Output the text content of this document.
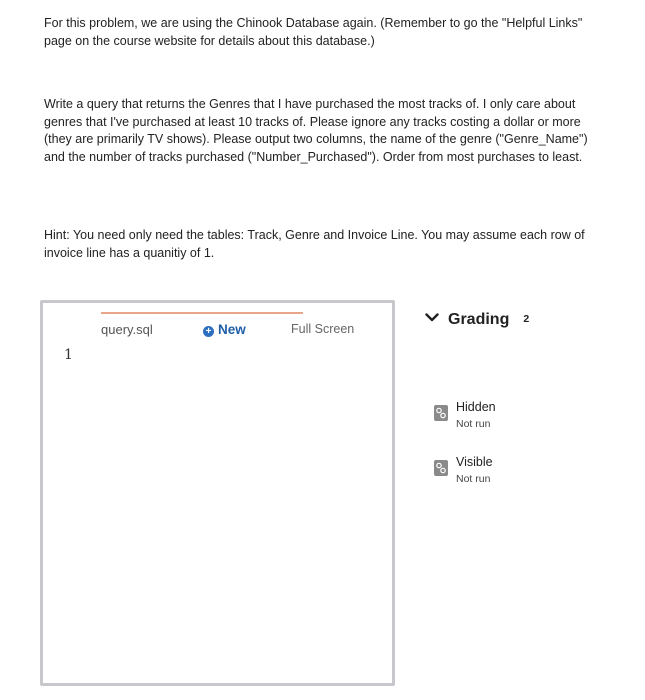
For this problem, we are using the Chinook Database again. (Remember to go the "Helpful Links" page on the course website for details about this database.)

Write a query that returns the Genres that I have purchased the most tracks of. I only care about genres that I've purchased at least 10 tracks of. Please ignore any tracks costing a dollar or more (they are primarily TV shows). Please output two columns, the name of the genre ("Genre_Name") and the number of tracks purchased ("Number_Purchased"). Order from most purchases to least.

Hint: You need only need the tables: Track, Genre and Invoice Line. You may assume each row of invoice line has a quanitiy of 1.

query.sql	+ New	Full Screen
1
Grading 2
Hidden
Not run
Visible
Not run
